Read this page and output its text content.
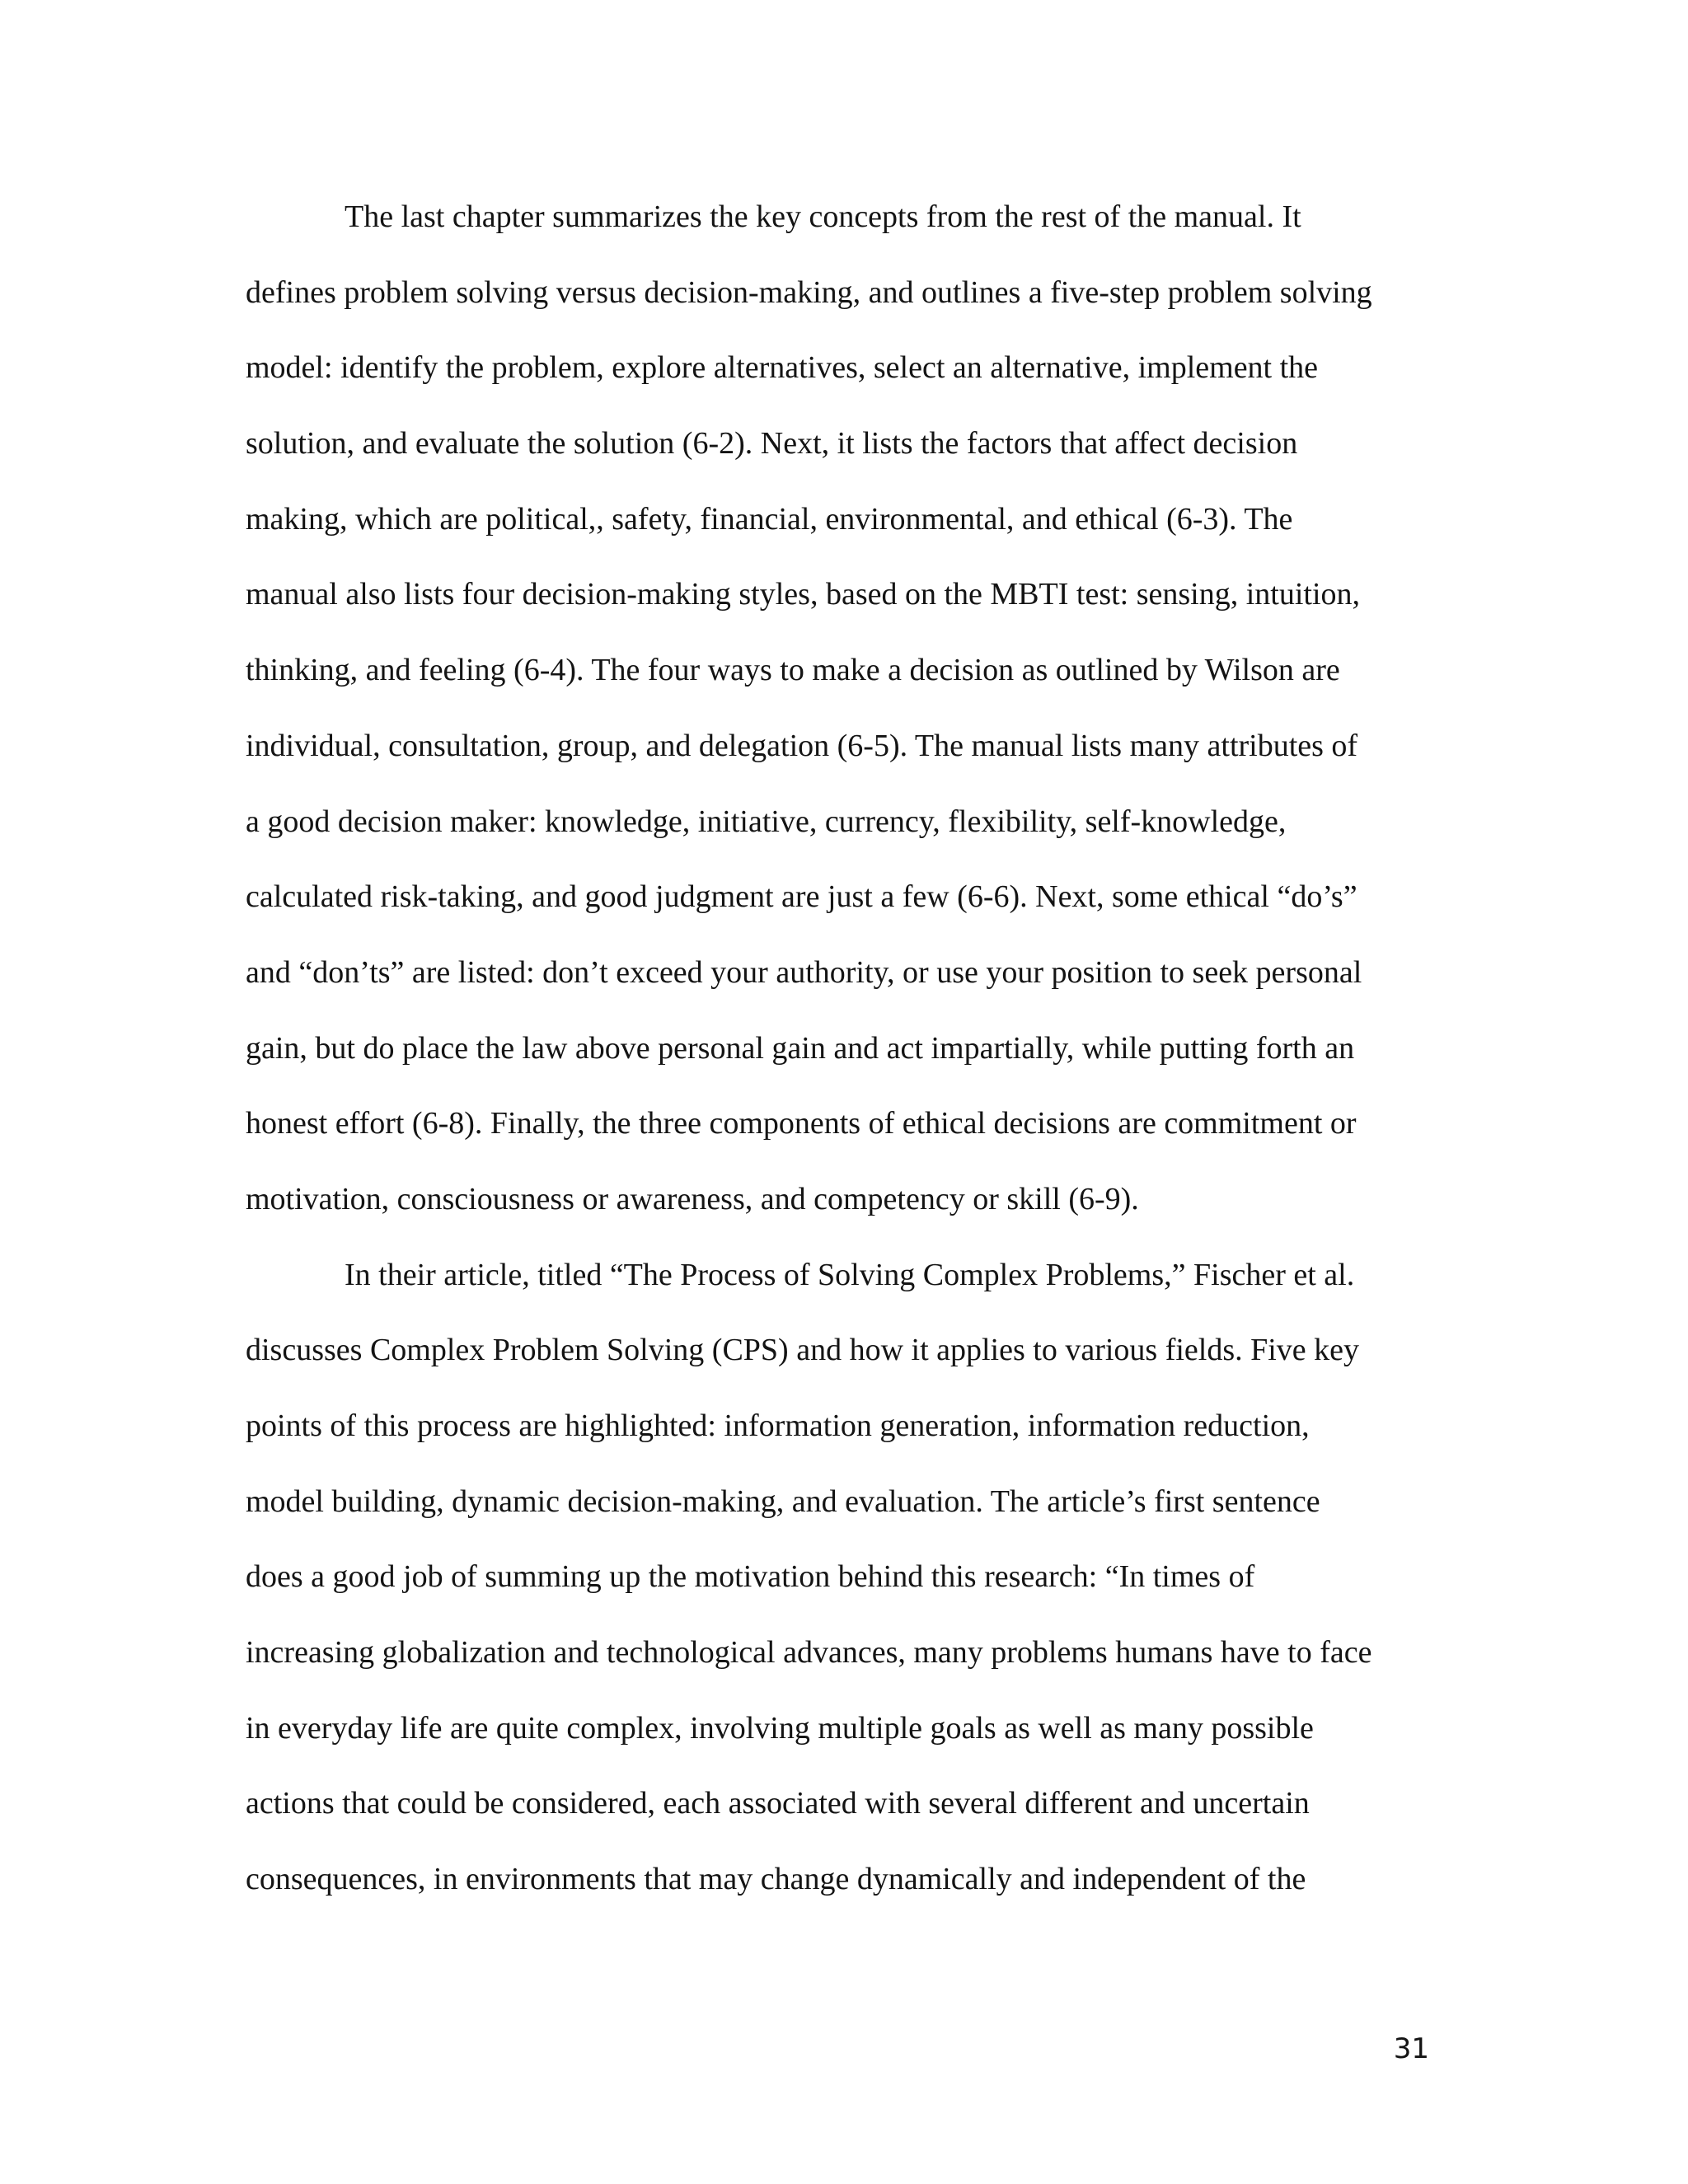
The last chapter summarizes the key concepts from the rest of the manual. It
defines problem solving versus decision-making, and outlines a five-step problem solving
model: identify the problem, explore alternatives, select an alternative, implement the
solution, and evaluate the solution (6-2). Next, it lists the factors that affect decision
making, which are political,, safety, financial, environmental, and ethical (6-3). The
manual also lists four decision-making styles, based on the MBTI test: sensing, intuition,
thinking, and feeling (6-4). The four ways to make a decision as outlined by Wilson are
individual, consultation, group, and delegation (6-5). The manual lists many attributes of
a good decision maker: knowledge, initiative, currency, flexibility, self-knowledge,
calculated risk-taking, and good judgment are just a few (6-6). Next, some ethical “do’s”
and “don’ts” are listed: don’t exceed your authority, or use your position to seek personal
gain, but do place the law above personal gain and act impartially, while putting forth an
honest effort (6-8). Finally, the three components of ethical decisions are commitment or
motivation, consciousness or awareness, and competency or skill (6-9).
In their article, titled “The Process of Solving Complex Problems,” Fischer et al.
discusses Complex Problem Solving (CPS) and how it applies to various fields. Five key
points of this process are highlighted: information generation, information reduction,
model building, dynamic decision-making, and evaluation. The article’s first sentence
does a good job of summing up the motivation behind this research: “In times of
increasing globalization and technological advances, many problems humans have to face
in everyday life are quite complex, involving multiple goals as well as many possible
actions that could be considered, each associated with several different and uncertain
consequences, in environments that may change dynamically and independent of the
31
